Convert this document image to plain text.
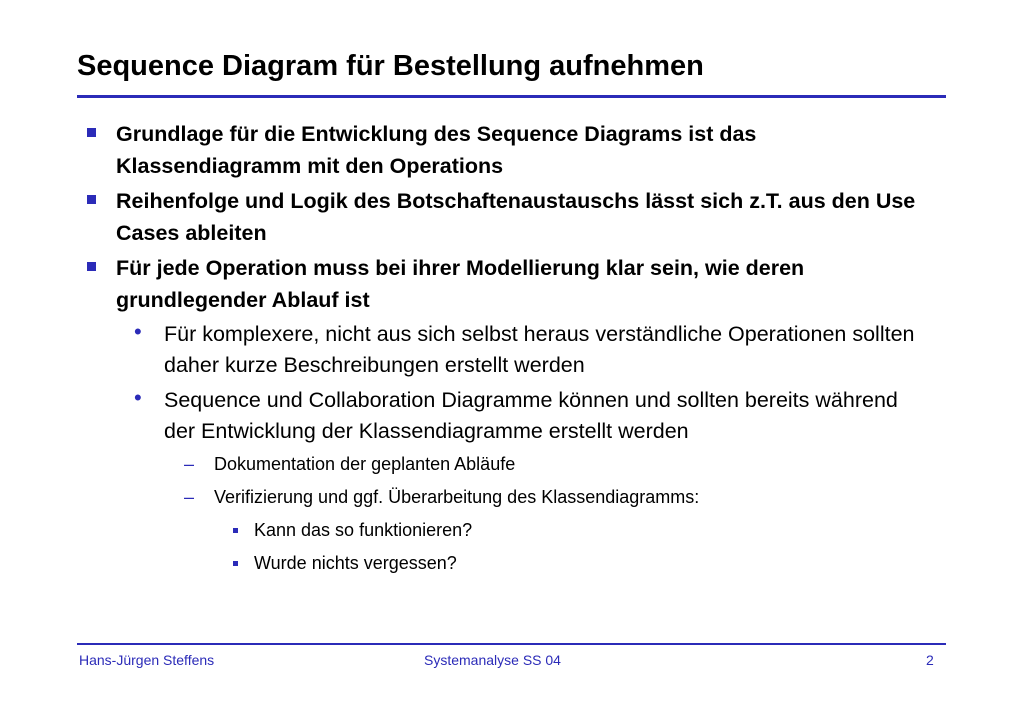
Sequence Diagram für Bestellung aufnehmen
Grundlage für die Entwicklung des Sequence Diagrams ist das Klassendiagramm mit den Operations
Reihenfolge und Logik des Botschaftenaustauschs lässt sich z.T. aus den Use Cases ableiten
Für jede Operation muss bei ihrer Modellierung klar sein, wie deren grundlegender Ablauf ist
• Für komplexere, nicht aus sich selbst heraus verständliche Operationen sollten daher kurze Beschreibungen erstellt werden
• Sequence und Collaboration Diagramme können und sollten bereits während der Entwicklung der Klassendiagramme erstellt werden
– Dokumentation der geplanten Abläufe
– Verifizierung und ggf. Überarbeitung des Klassendiagramms:
Kann das so funktionieren?
Wurde nichts vergessen?
Hans-Jürgen Steffens	Systemanalyse SS 04	2
